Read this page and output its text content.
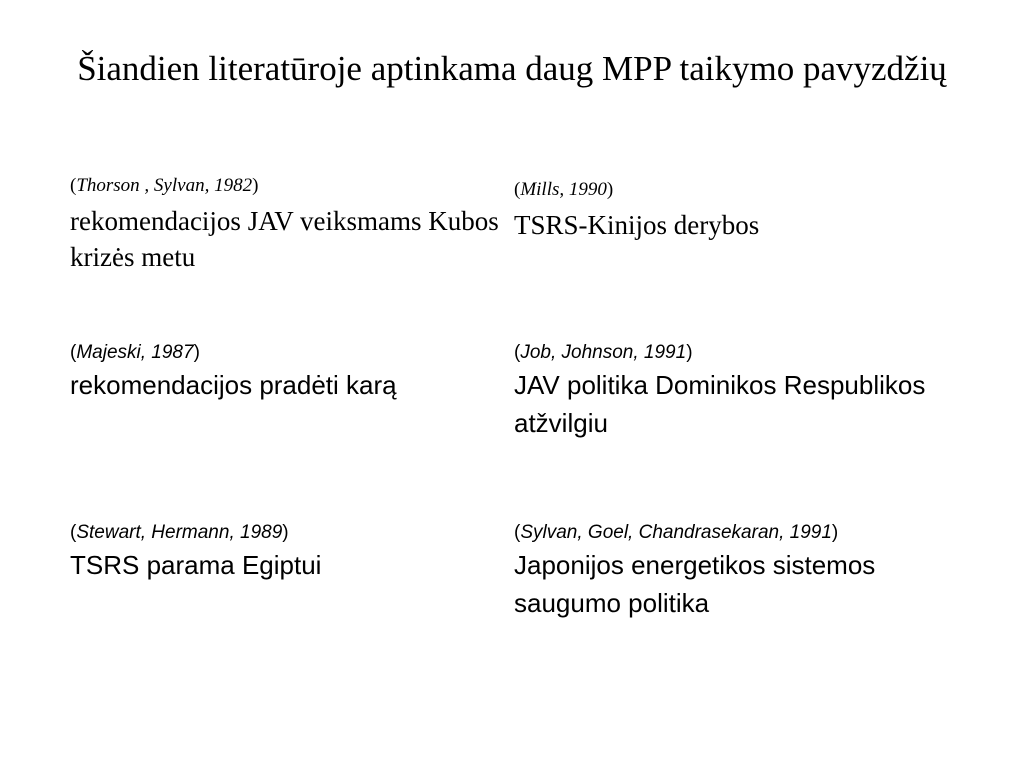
Šiandien literatūroje aptinkama daug MPP taikymo pavyzdžių
(Thorson , Sylvan, 1982)
rekomendacijos JAV veiksmams Kubos krizės metu
(Mills, 1990)
TSRS-Kinijos derybos
(Majeski, 1987)
rekomendacijos pradėti karą
(Job, Johnson, 1991)
JAV politika Dominikos Respublikos atžvilgiu
(Stewart, Hermann, 1989)
TSRS parama Egiptui
(Sylvan, Goel, Chandrasekaran, 1991)
Japonijos energetikos sistemos saugumo politika
